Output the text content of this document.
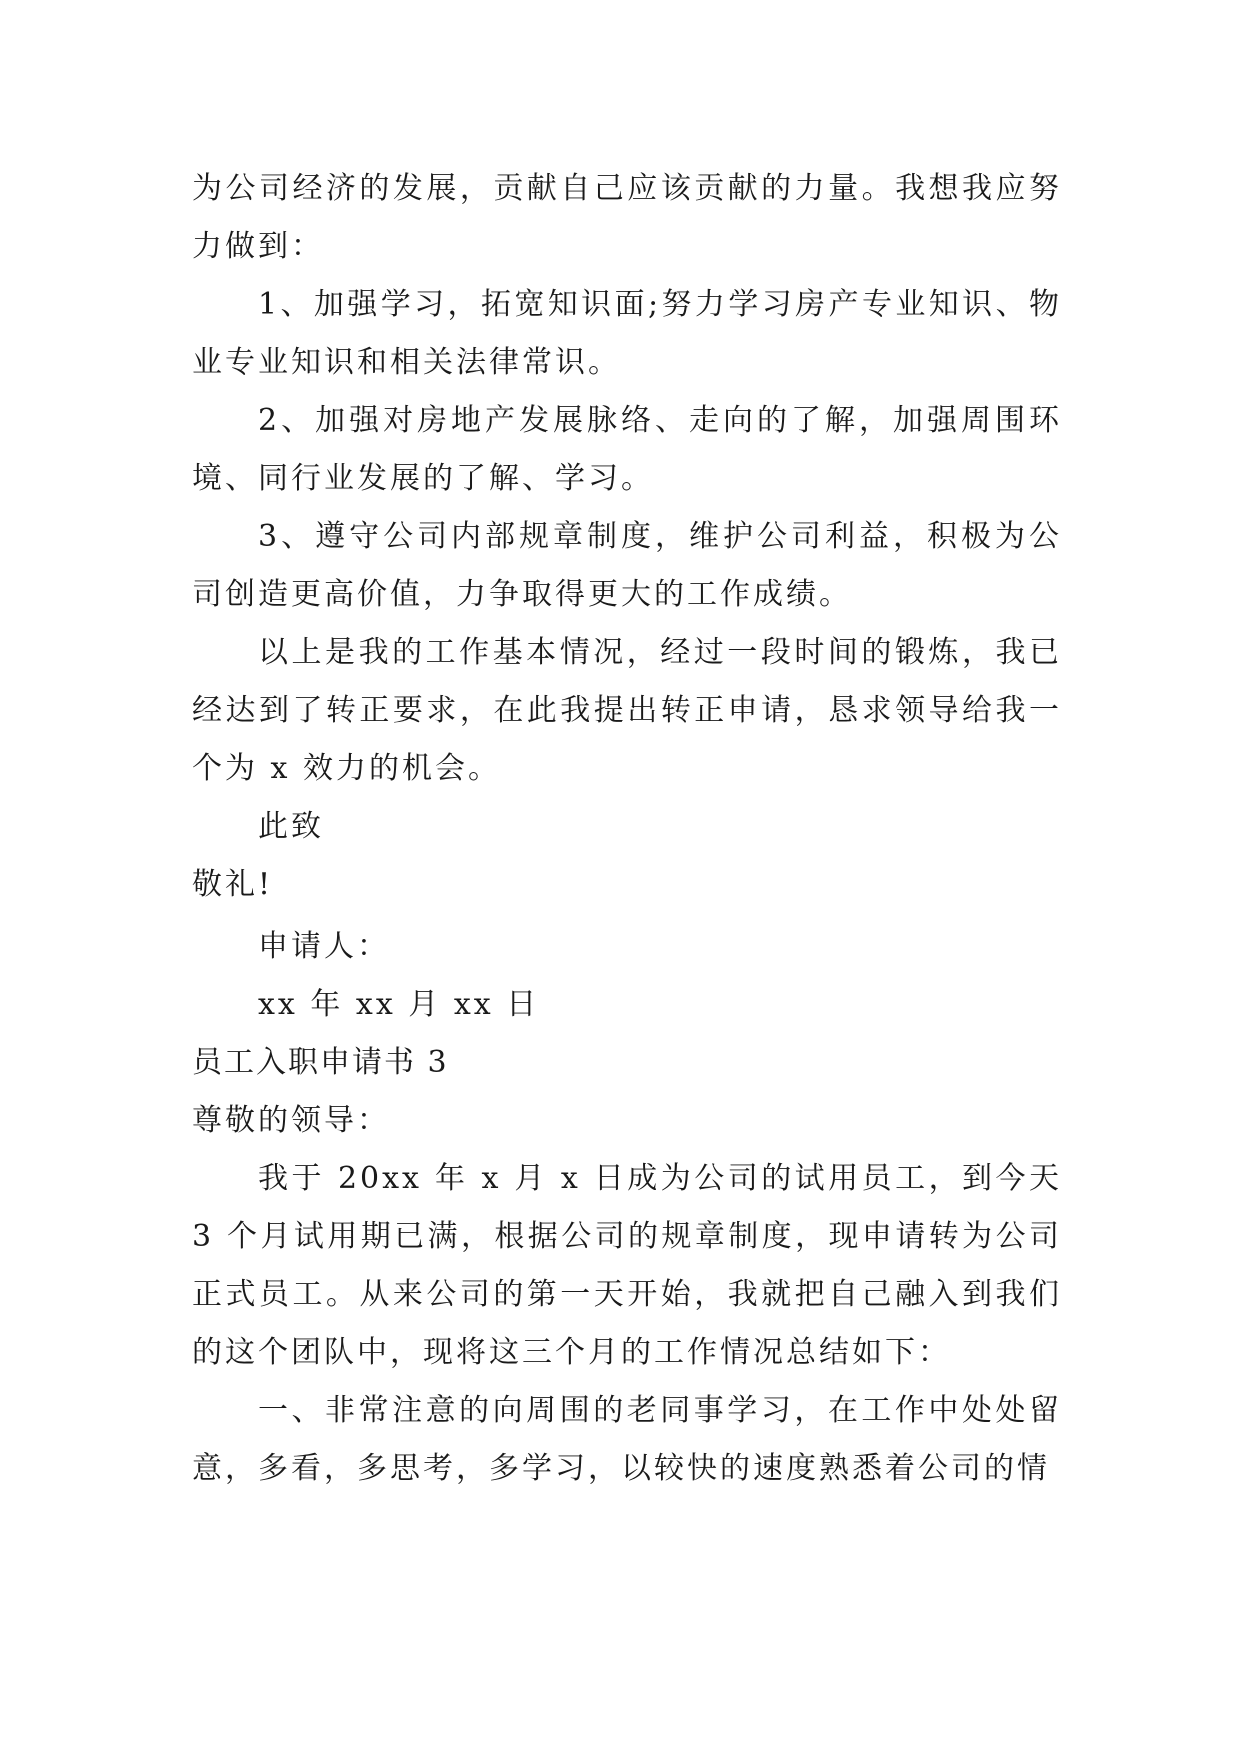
为公司经济的发展，贡献自己应该贡献的力量。我想我应努力做到：

1、加强学习，拓宽知识面;努力学习房产专业知识、物业专业知识和相关法律常识。

2、加强对房地产发展脉络、走向的了解，加强周围环境、同行业发展的了解、学习。

3、遵守公司内部规章制度，维护公司利益，积极为公司创造更高价值，力争取得更大的工作成绩。

以上是我的工作基本情况，经过一段时间的锻炼，我已经达到了转正要求，在此我提出转正申请，恳求领导给我一个为 x 效力的机会。

此致

敬礼!

申请人：

xx 年 xx 月 xx 日

员工入职申请书 3

尊敬的领导：

我于 20xx 年 x 月 x 日成为公司的试用员工，到今天 3 个月试用期已满，根据公司的规章制度，现申请转为公司正式员工。从来公司的第一天开始，我就把自己融入到我们的这个团队中，现将这三个月的工作情况总结如下：

一、非常注意的向周围的老同事学习，在工作中处处留意，多看，多思考，多学习，以较快的速度熟悉着公司的情
